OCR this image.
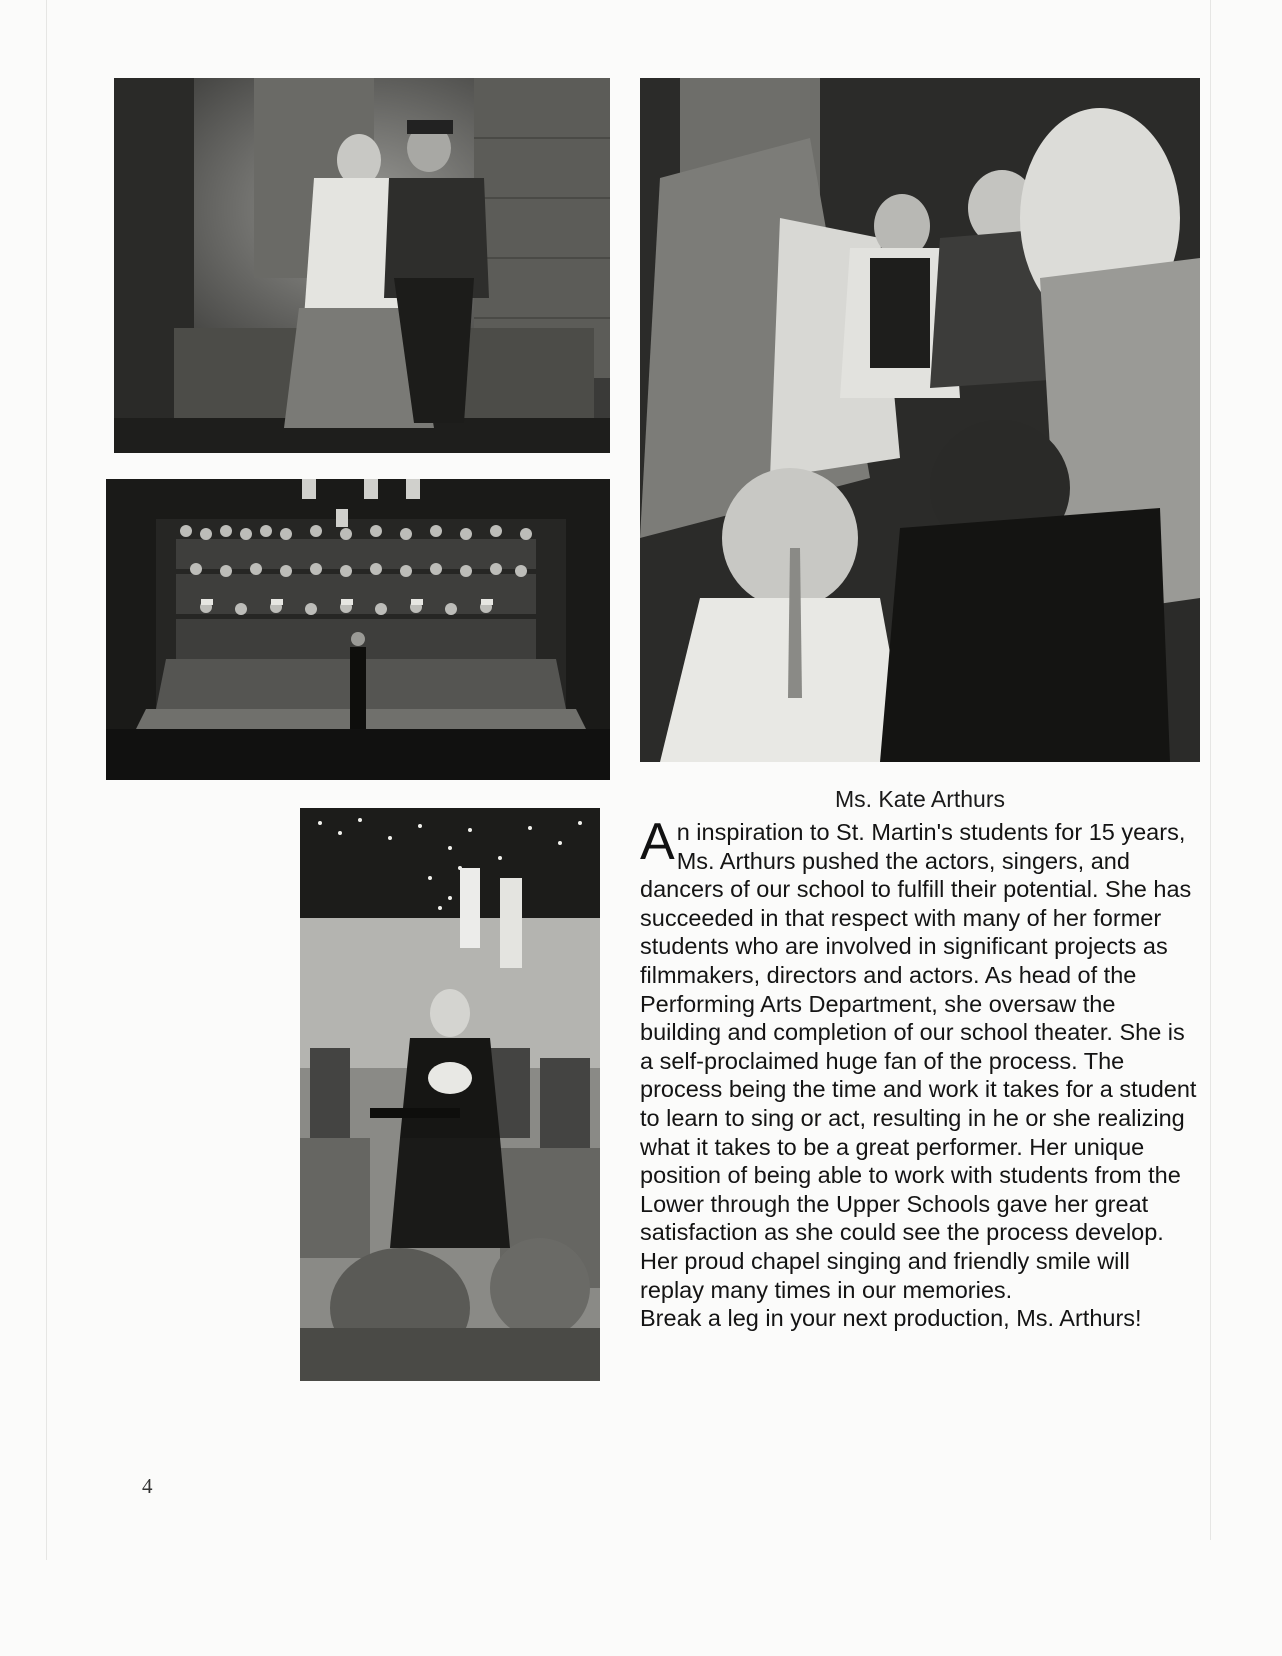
Ms. Kate Arthurs

An inspiration to St. Martin's students for 15 years, Ms. Arthurs pushed the actors, singers, and dancers of our school to fulfill their potential. She has succeeded in that respect with many of her former students who are involved in significant projects as filmmakers, directors and actors. As head of the Performing Arts Department, she oversaw the building and completion of our school theater. She is a self-proclaimed huge fan of the process. The process being the time and work it takes for a student to learn to sing or act, resulting in he or she realizing what it takes to be a great performer. Her unique position of being able to work with students from the Lower through the Upper Schools gave her great satisfaction as she could see the process develop. Her proud chapel singing and friendly smile will replay many times in our memories.

Break a leg in your next production, Ms. Arthurs!

4
